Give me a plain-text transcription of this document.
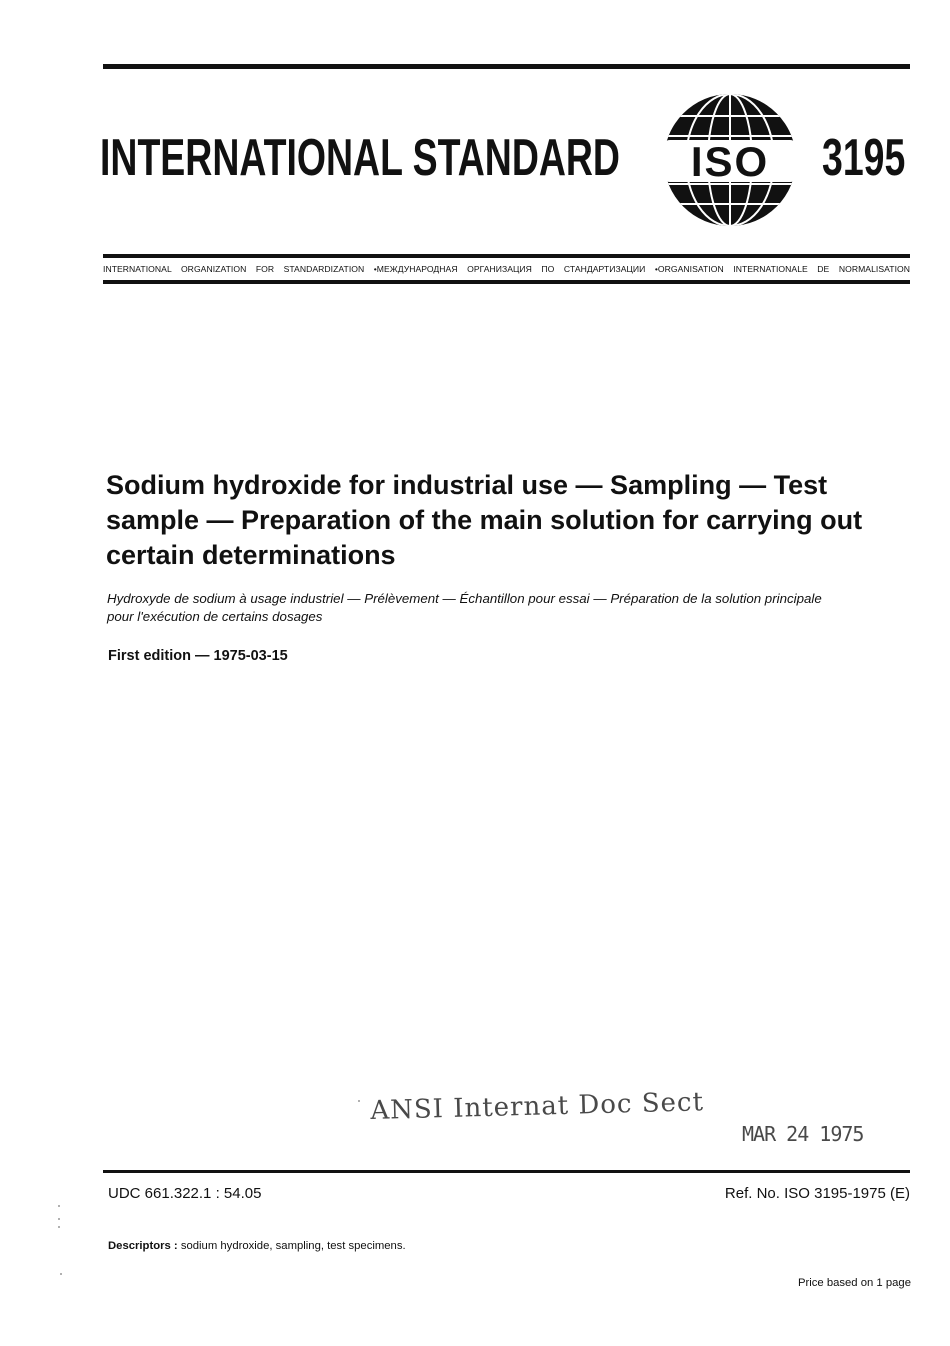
INTERNATIONAL STANDARD ISO 3195
INTERNATIONAL ORGANIZATION FOR STANDARDIZATION •МЕЖДУНАРОДНАЯ ОРГАНИЗАЦИЯ ПО СТАНДАРТИЗАЦИИ •ORGANISATION INTERNATIONALE DE NORMALISATION

Sodium hydroxide for industrial use — Sampling — Test sample — Preparation of the main solution for carrying out certain determinations

Hydroxyde de sodium à usage industriel — Prélèvement — Échantillon pour essai — Préparation de la solution principale pour l'exécution de certains dosages

First edition — 1975-03-15
ANSI Internat Doc Sect
MAR 24 1975
UDC 661.322.1 : 54.05	Ref. No. ISO 3195-1975 (E)
Descriptors : sodium hydroxide, sampling, test specimens.
Price based on 1 page
